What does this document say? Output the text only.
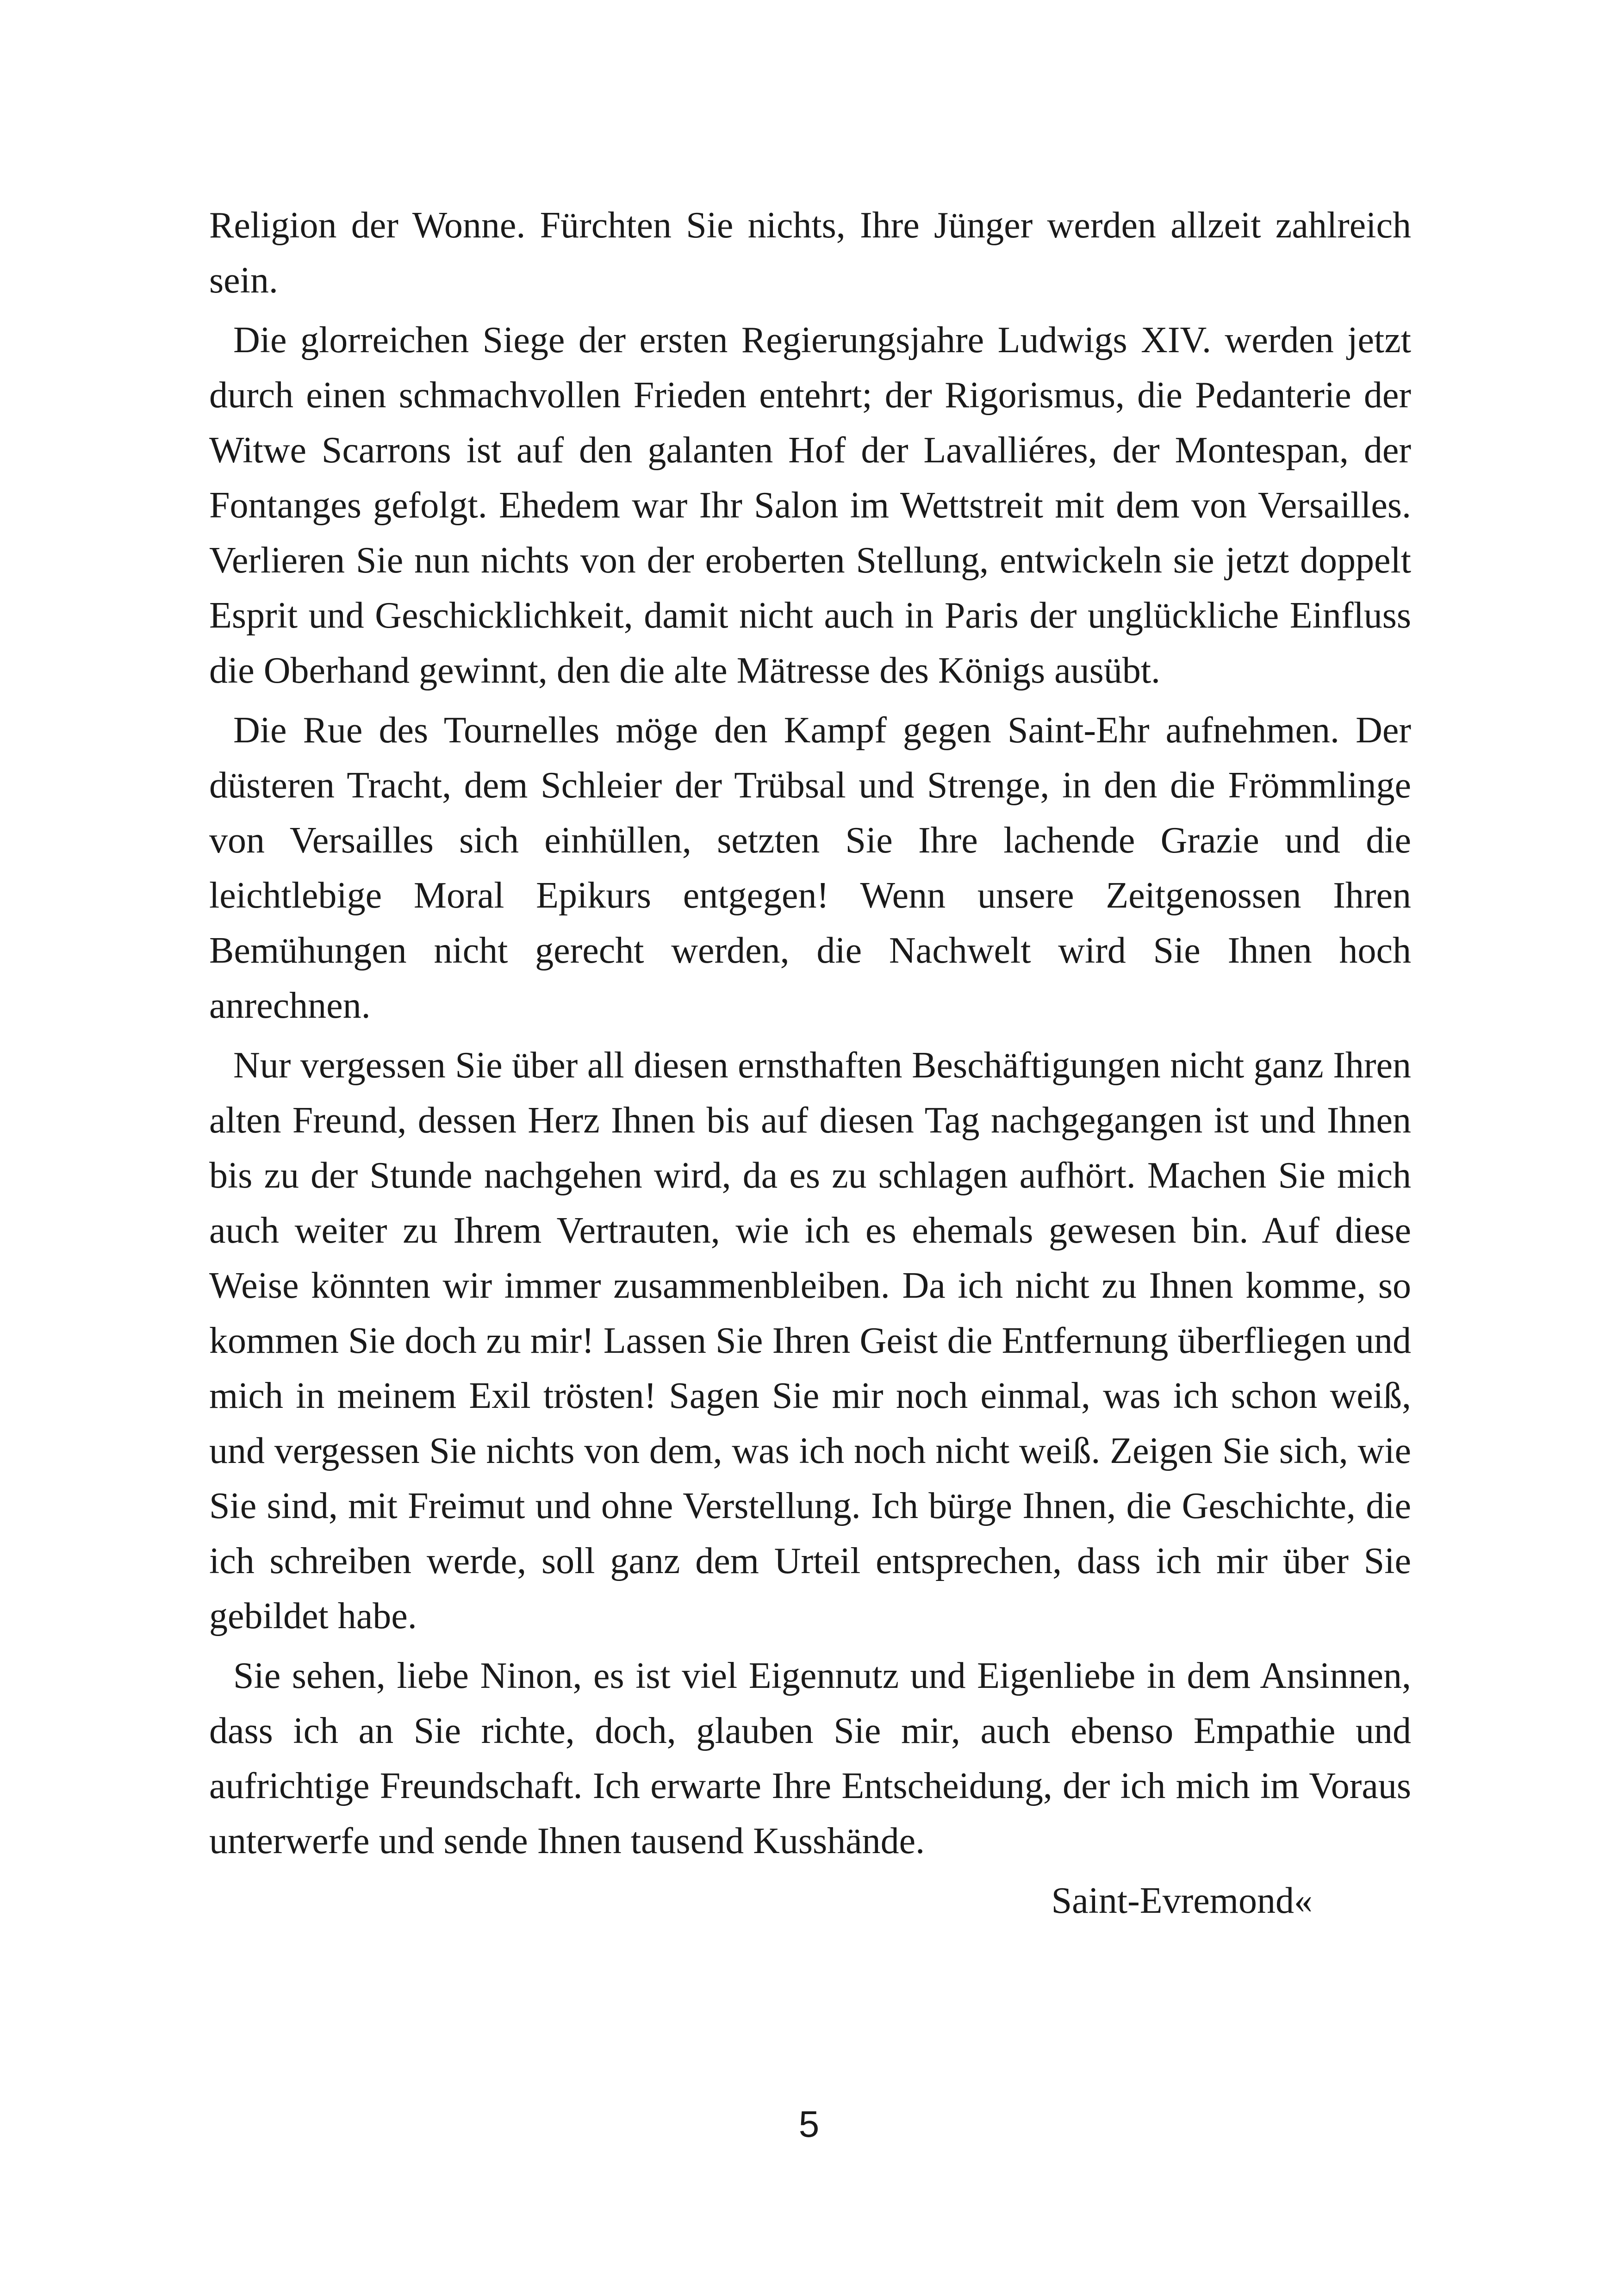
Religion der Wonne. Fürchten Sie nichts, Ihre Jünger werden allzeit zahlreich sein.

Die glorreichen Siege der ersten Regierungsjahre Ludwigs XIV. werden jetzt durch einen schmachvollen Frieden entehrt; der Rigorismus, die Pedanterie der Witwe Scarrons ist auf den galanten Hof der Lavalliéres, der Montespan, der Fontanges gefolgt. Ehedem war Ihr Salon im Wettstreit mit dem von Versailles. Verlieren Sie nun nichts von der eroberten Stellung, entwickeln sie jetzt doppelt Esprit und Geschicklichkeit, damit nicht auch in Paris der unglückliche Einfluss die Oberhand gewinnt, den die alte Mätresse des Königs ausübt.

Die Rue des Tournelles möge den Kampf gegen Saint-Ehr aufnehmen. Der düsteren Tracht, dem Schleier der Trübsal und Strenge, in den die Frömmlinge von Versailles sich einhüllen, setzten Sie Ihre lachende Grazie und die leichtlebige Moral Epikurs entgegen! Wenn unsere Zeitgenossen Ihren Bemühungen nicht gerecht werden, die Nachwelt wird Sie Ihnen hoch anrechnen.

Nur vergessen Sie über all diesen ernsthaften Beschäftigungen nicht ganz Ihren alten Freund, dessen Herz Ihnen bis auf diesen Tag nachgegangen ist und Ihnen bis zu der Stunde nachgehen wird, da es zu schlagen aufhört. Machen Sie mich auch weiter zu Ihrem Vertrauten, wie ich es ehemals gewesen bin. Auf diese Weise könnten wir immer zusammenbleiben. Da ich nicht zu Ihnen komme, so kommen Sie doch zu mir! Lassen Sie Ihren Geist die Entfernung überfliegen und mich in meinem Exil trösten! Sagen Sie mir noch einmal, was ich schon weiß, und vergessen Sie nichts von dem, was ich noch nicht weiß. Zeigen Sie sich, wie Sie sind, mit Freimut und ohne Verstellung. Ich bürge Ihnen, die Geschichte, die ich schreiben werde, soll ganz dem Urteil entsprechen, dass ich mir über Sie gebildet habe.

Sie sehen, liebe Ninon, es ist viel Eigennutz und Eigenliebe in dem Ansinnen, dass ich an Sie richte, doch, glauben Sie mir, auch ebenso Empathie und aufrichtige Freundschaft. Ich erwarte Ihre Entscheidung, der ich mich im Voraus unterwerfe und sende Ihnen tausend Kusshände.

Saint-Evremond«

5
